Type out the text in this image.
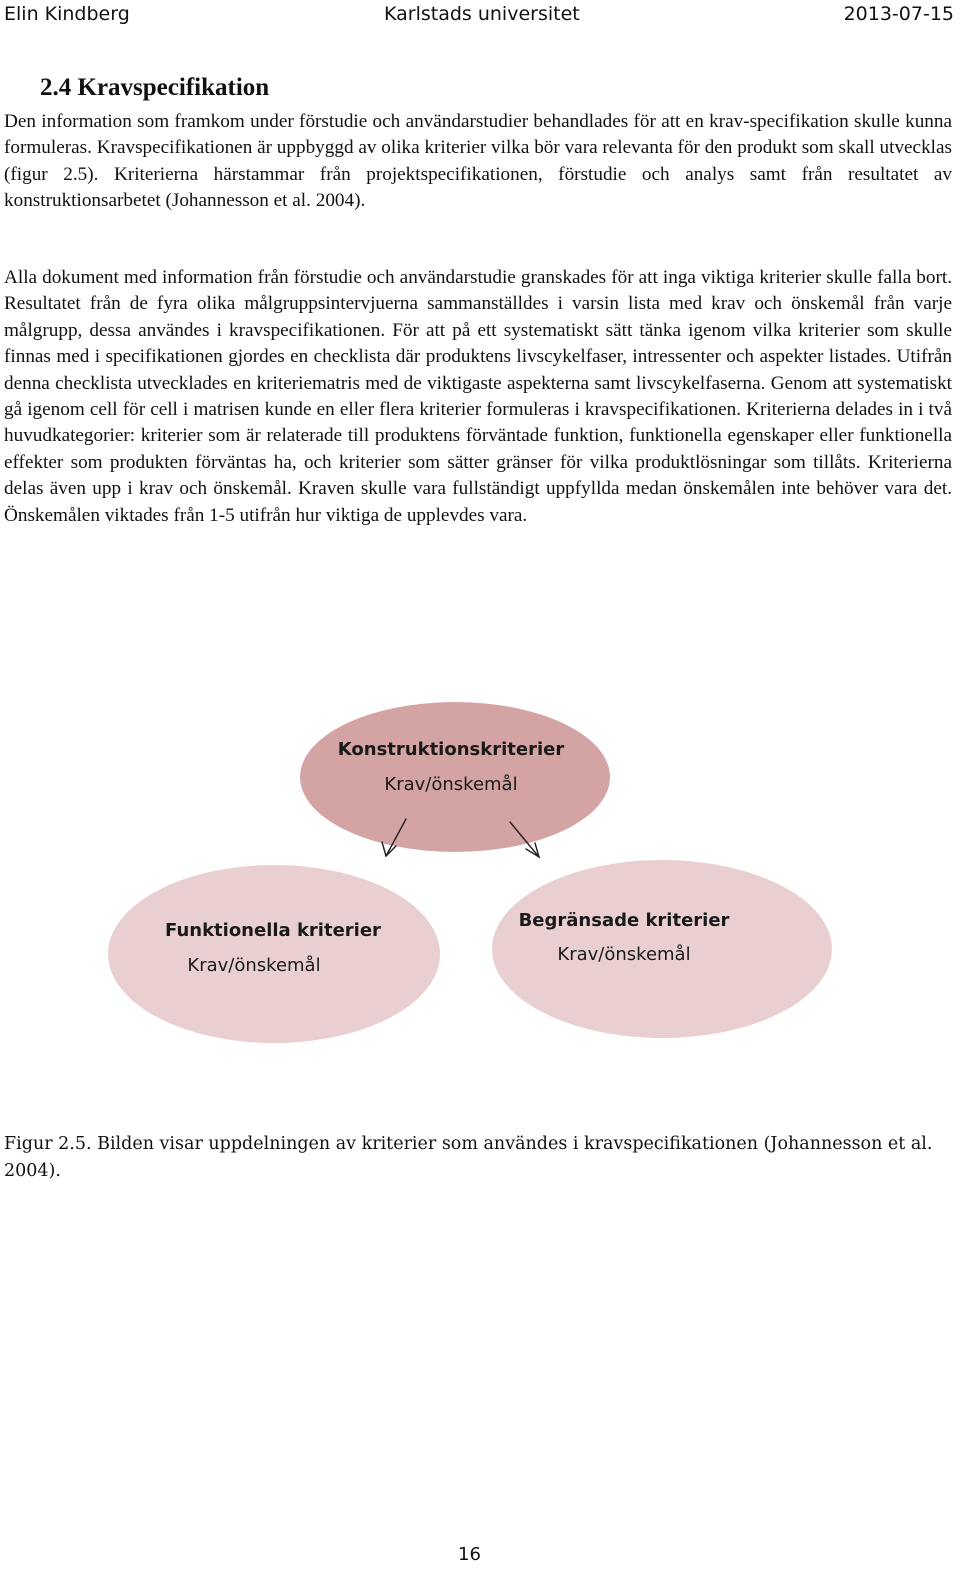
Elin Kindberg	Karlstads universitet	2013-07-15
2.4 Kravspecifikation

Den information som framkom under förstudie och användarstudier behandlades för att en krav-specifikation skulle kunna formuleras. Kravspecifikationen är uppbyggd av olika kriterier vilka bör vara relevanta för den produkt som skall utvecklas (figur 2.5). Kriterierna härstammar från projektspecifikationen, förstudie och analys samt från resultatet av konstruktionsarbetet (Johannesson et al. 2004).

Alla dokument med information från förstudie och användarstudie granskades för att inga viktiga kriterier skulle falla bort. Resultatet från de fyra olika målgruppsintervjuerna sammanställdes i varsin lista med krav och önskemål från varje målgrupp, dessa användes i kravspecifikationen. För att på ett systematiskt sätt tänka igenom vilka kriterier som skulle finnas med i specifikationen gjordes en checklista där produktens livscykelfaser, intressenter och aspekter listades. Utifrån denna checklista utvecklades en kriteriematris med de viktigaste aspekterna samt livscykelfaserna. Genom att systematiskt gå igenom cell för cell i matrisen kunde en eller flera kriterier formuleras i kravspecifikationen. Kriterierna delades in i två huvudkategorier: kriterier som är relaterade till produktens förväntade funktion, funktionella egenskaper eller funktionella effekter som produkten förväntas ha, och kriterier som sätter gränser för vilka produktlösningar som tillåts. Kriterierna delas även upp i krav och önskemål. Kraven skulle vara fullständigt uppfyllda medan önskemålen inte behöver vara det. Önskemålen viktades från 1-5 utifrån hur viktiga de upplevdes vara.

Konstruktionskriterier
Krav/önskemål
Funktionella kriterier
Krav/önskemål
Begränsade kriterier
Krav/önskemål

Figur 2.5. Bilden visar uppdelningen av kriterier som användes i kravspecifikationen (Johannesson et al. 2004).

16
